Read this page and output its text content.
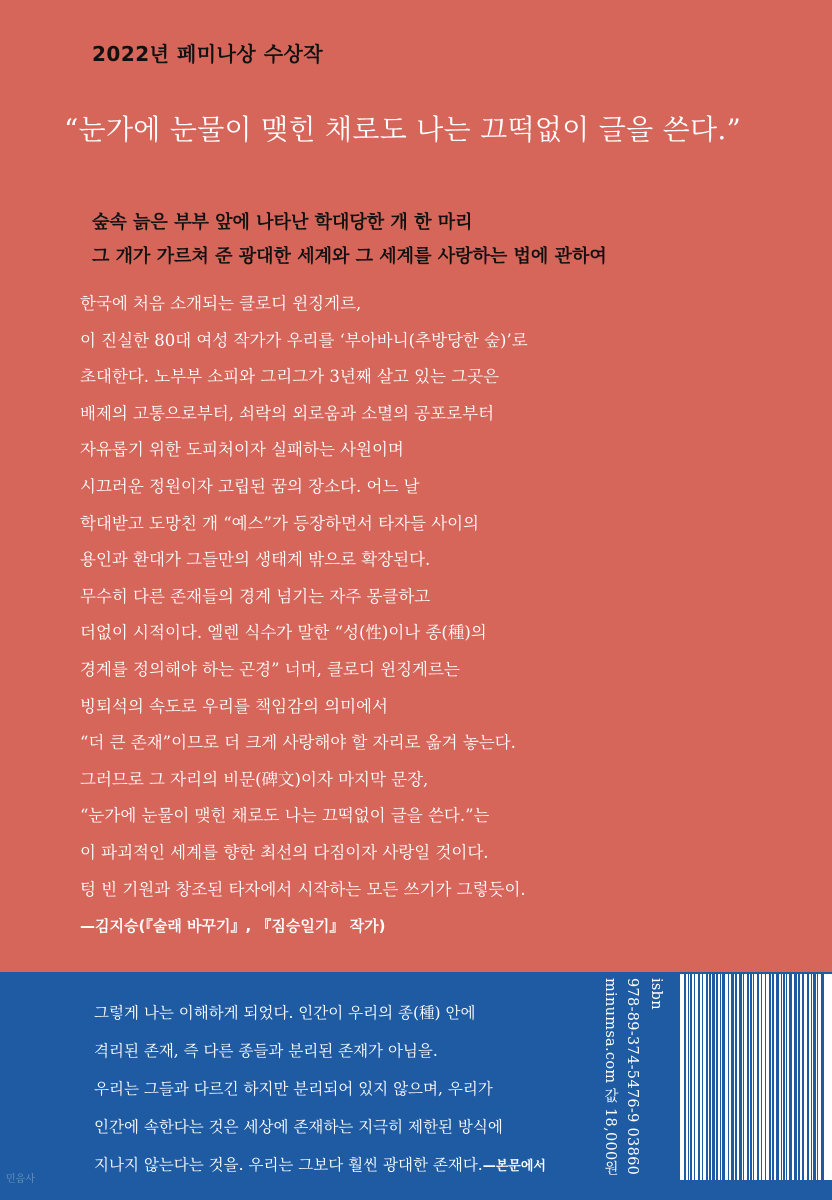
2022년 페미나상 수상작
“눈가에 눈물이 맺힌 채로도 나는 끄떡없이 글을 쓴다.”
숲속 늙은 부부 앞에 나타난 학대당한 개 한 마리
그 개가 가르쳐 준 광대한 세계와 그 세계를 사랑하는 법에 관하여
한국에 처음 소개되는 클로디 윈징게르,
이 진실한 80대 여성 작가가 우리를 ‘부아바니(추방당한 숲)’로
초대한다. 노부부 소피와 그리그가 3년째 살고 있는 그곳은
배제의 고통으로부터, 쇠락의 외로움과 소멸의 공포로부터
자유롭기 위한 도피처이자 실패하는 사원이며
시끄러운 정원이자 고립된 꿈의 장소다. 어느 날
학대받고 도망친 개 “예스”가 등장하면서 타자들 사이의
용인과 환대가 그들만의 생태계 밖으로 확장된다.
무수히 다른 존재들의 경계 넘기는 자주 몽클하고
더없이 시적이다. 엘렌 식수가 말한 “성(性)이나 종(種)의
경계를 정의해야 하는 곤경” 너머, 클로디 윈징게르는
빙퇴석의 속도로 우리를 책임감의 의미에서
“더 큰 존재”이므로 더 크게 사랑해야 할 자리로 옮겨 놓는다.
그러므로 그 자리의 비문(碑文)이자 마지막 문장,
“눈가에 눈물이 맺힌 채로도 나는 끄떡없이 글을 쓴다.”는
이 파괴적인 세계를 향한 최선의 다짐이자 사랑일 것이다.
텅 빈 기원과 창조된 타자에서 시작하는 모든 쓰기가 그렇듯이.
—김지승(『술래 바꾸기』, 『짐승일기』 작가)
그렇게 나는 이해하게 되었다. 인간이 우리의 종(種) 안에
격리된 존재, 즉 다른 종들과 분리된 존재가 아님을.
우리는 그들과 다르긴 하지만 분리되어 있지 않으며, 우리가
인간에 속한다는 것은 세상에 존재하는 지극히 제한된 방식에
지나지 않는다는 것을. 우리는 그보다 훨씬 광대한 존재다.—본문에서
isbn
978-89-374-5476-9 03860
minumsa.com 값 18,000원
민음사
